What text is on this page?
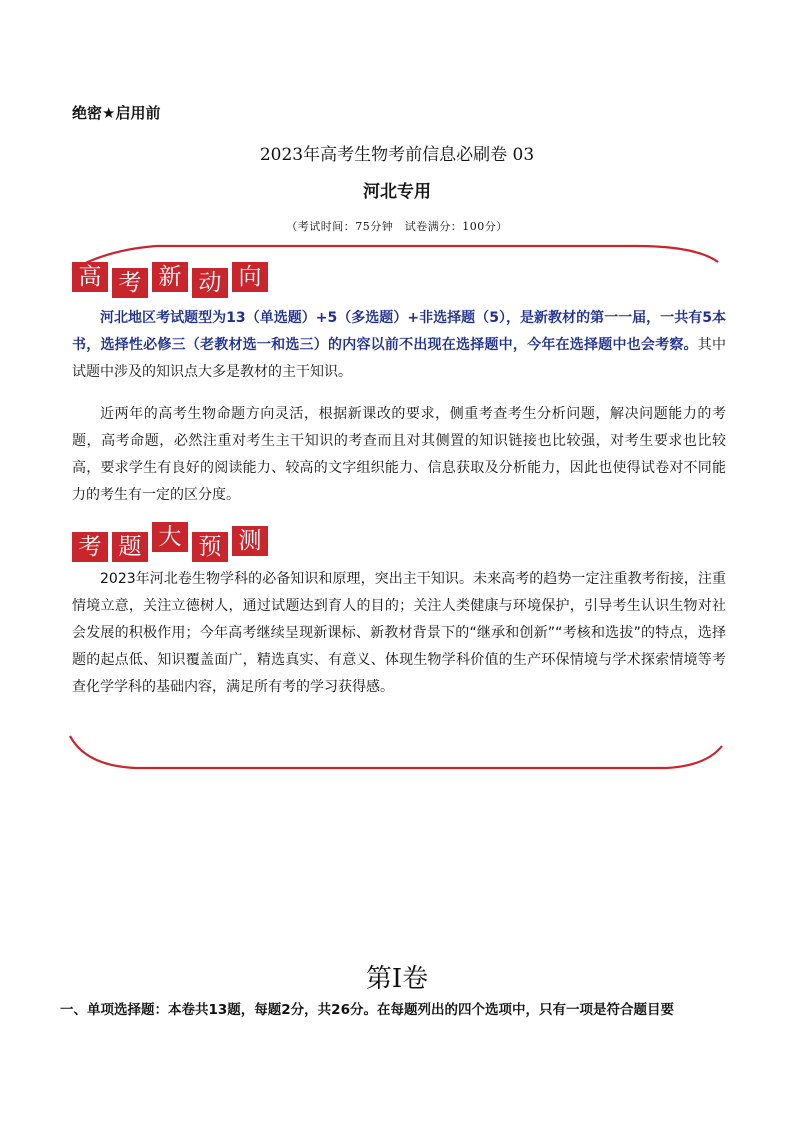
绝密★启用前
2023年高考生物考前信息必刷卷 03
河北专用
（考试时间：75分钟　试卷满分：100分）
高 考 新 动 向

河北地区考试题型为13（单选题）+5（多选题）+非选择题（5），是新教材的第一一届，一共有5本书，选择性必修三（老教材选一和选三）的内容以前不出现在选择题中，今年在选择题中也会考察。其中试题中涉及的知识点大多是教材的主干知识。

近两年的高考生物命题方向灵活，根据新课改的要求，侧重考查考生分析问题，解决问题能力的考题，高考命题，必然注重对考生主干知识的考查而且对其侧置的知识链接也比较强，对考生要求也比较高，要求学生有良好的阅读能力、较高的文字组织能力、信息获取及分析能力，因此也使得试卷对不同能力的考生有一定的区分度。

考 题 大 预 测

2023年河北卷生物学科的必备知识和原理，突出主干知识。未来高考的趋势一定注重教考衔接，注重情境立意，关注立德树人，通过试题达到育人的目的；关注人类健康与环境保护，引导考生认识生物对社会发展的积极作用；今年高考继续呈现新课标、新教材背景下的“继承和创新”“考核和选拔”的特点，选择题的起点低、知识覆盖面广，精选真实、有意义、体现生物学科价值的生产环保情境与学术探索情境等考查化学学科的基础内容，满足所有考的学习获得感。

第I卷
一、单项选择题：本卷共13题，每题2分，共26分。在每题列出的四个选项中，只有一项是符合题目要
